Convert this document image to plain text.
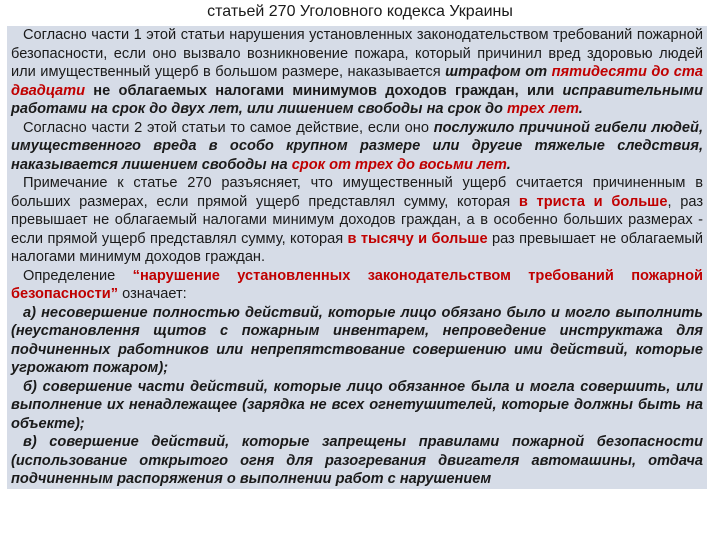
статьей 270 Уголовного кодекса Украины

Согласно части 1 этой статьи нарушения установленных законодательством требований пожарной безопасности, если оно вызвало возникновение пожара, который причинил вред здоровью людей или имущественный ущерб в большом размере, наказывается штрафом от пятидесяти до ста двадцати не облагаемых налогами минимумов доходов граждан, или исправительными работами на срок до двух лет, или лишением свободы на срок до трех лет.

Согласно части 2 этой статьи то самое действие, если оно послужило причиной гибели людей, имущественного вреда в особо крупном размере или другие тяжелые следствия, наказывается лишением свободы на срок от трех до восьми лет.

Примечание к статье 270 разъясняет, что имущественный ущерб считается причиненным в больших размерах, если прямой ущерб представлял сумму, которая в триста и больше, раз превышает не облагаемый налогами минимум доходов граждан, а в особенно больших размерах - если прямой ущерб представлял сумму, которая в тысячу и больше раз превышает не облагаемый налогами минимум доходов граждан.

Определение “нарушение установленных законодательством требований пожарной безопасности” означает:

а) несовершение полностью действий, которые лицо обязано было и могло выполнить (неустановлення щитов с пожарным инвентарем, непроведение инструктажа для подчиненных работников или непрепятствование совершению ими действий, которые угрожают пожаром);

б) совершение части действий, которые лицо обязанное была и могла совершить, или выполнение их ненадлежащее (зарядка не всех огнетушителей, которые должны быть на объекте);

в) совершение действий, которые запрещены правилами пожарной безопасности (использование открытого огня для разогревания двигателя автомашины, отдача подчиненным распоряжения о выполнении работ с нарушением
